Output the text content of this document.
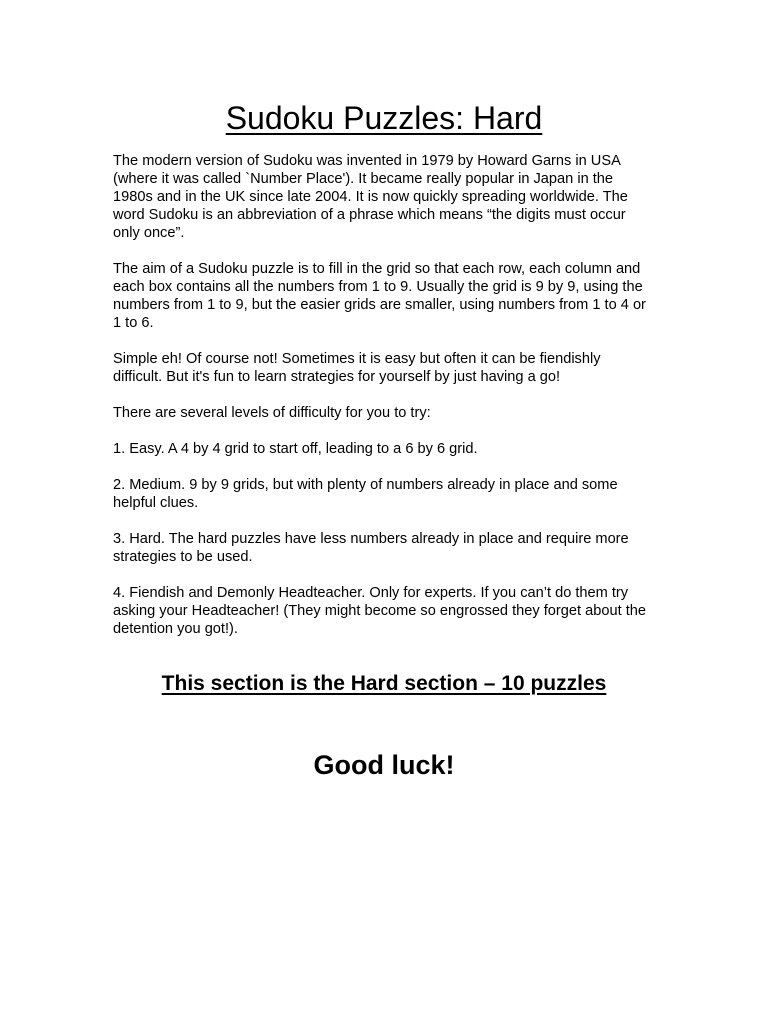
Sudoku Puzzles: Hard

The modern version of Sudoku was invented in 1979 by Howard Garns in USA (where it was called `Number Place'). It became really popular in Japan in the 1980s and in the UK since late 2004. It is now quickly spreading worldwide. The word Sudoku is an abbreviation of a phrase which means “the digits must occur only once”.

The aim of a Sudoku puzzle is to fill in the grid so that each row, each column and each box contains all the numbers from 1 to 9. Usually the grid is 9 by 9, using the numbers from 1 to 9, but the easier grids are smaller, using numbers from 1 to 4 or 1 to 6.

Simple eh! Of course not! Sometimes it is easy but often it can be fiendishly difficult. But it's fun to learn strategies for yourself by just having a go!

There are several levels of difficulty for you to try:

1. Easy. A 4 by 4 grid to start off, leading to a 6 by 6 grid.

2. Medium. 9 by 9 grids, but with plenty of numbers already in place and some helpful clues.

3. Hard. The hard puzzles have less numbers already in place and require more strategies to be used.

4. Fiendish and Demonly Headteacher. Only for experts. If you can’t do them try asking your Headteacher! (They might become so engrossed they forget about the detention you got!).

This section is the Hard section – 10 puzzles
Good luck!
